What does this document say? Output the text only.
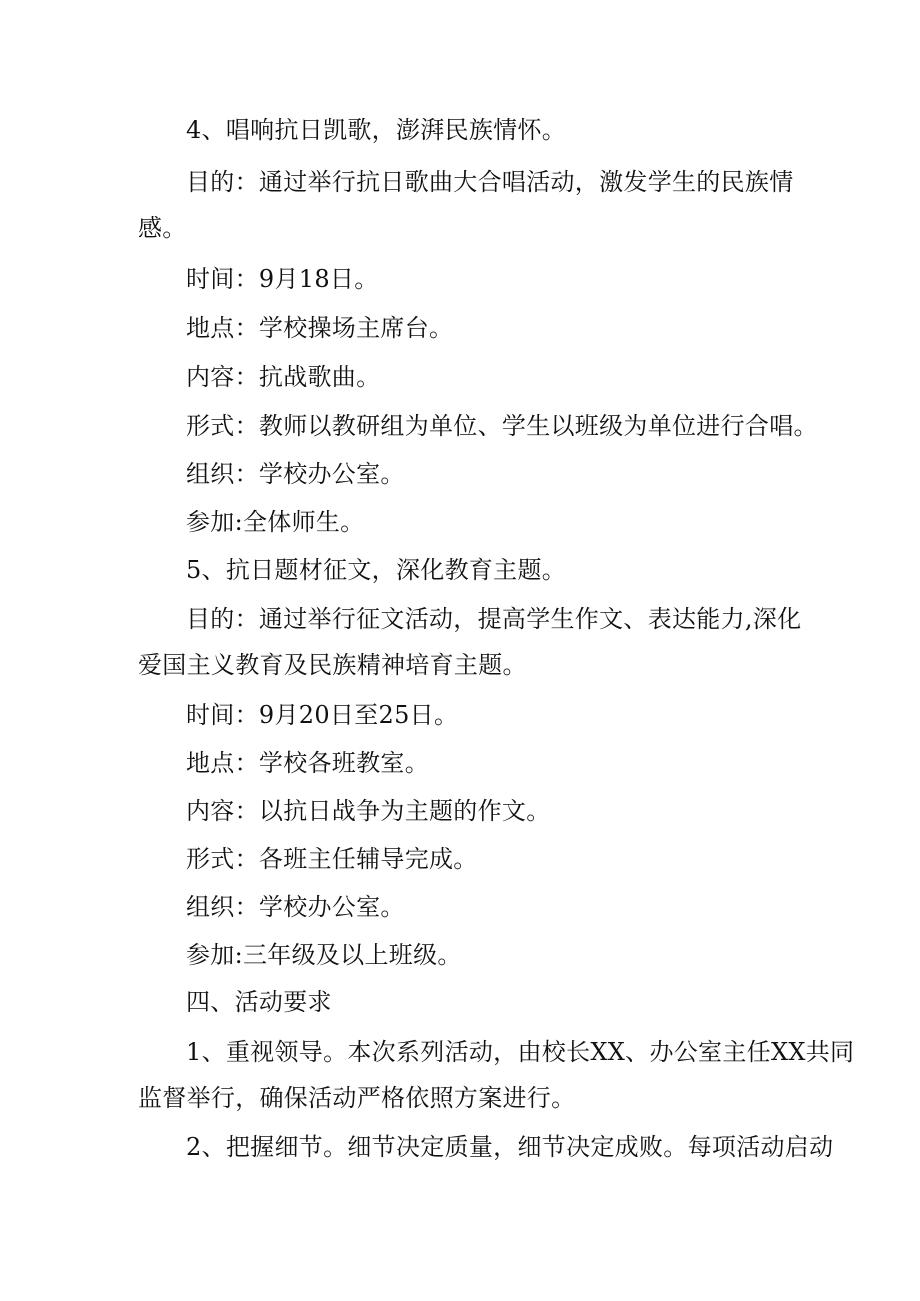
4、唱响抗日凯歌，澎湃民族情怀。
目的：通过举行抗日歌曲大合唱活动，激发学生的民族情
感。
时间：9月18日。
地点：学校操场主席台。
内容：抗战歌曲。
形式：教师以教研组为单位、学生以班级为单位进行合唱。
组织：学校办公室。
参加:全体师生。
5、抗日题材征文，深化教育主题。
目的：通过举行征文活动，提高学生作文、表达能力,深化
爱国主义教育及民族精神培育主题。
时间：9月20日至25日。
地点：学校各班教室。
内容：以抗日战争为主题的作文。
形式：各班主任辅导完成。
组织：学校办公室。
参加:三年级及以上班级。
四、活动要求
1、重视领导。本次系列活动，由校长XX、办公室主任XX共同
监督举行，确保活动严格依照方案进行。
2、把握细节。细节决定质量，细节决定成败。每项活动启动
